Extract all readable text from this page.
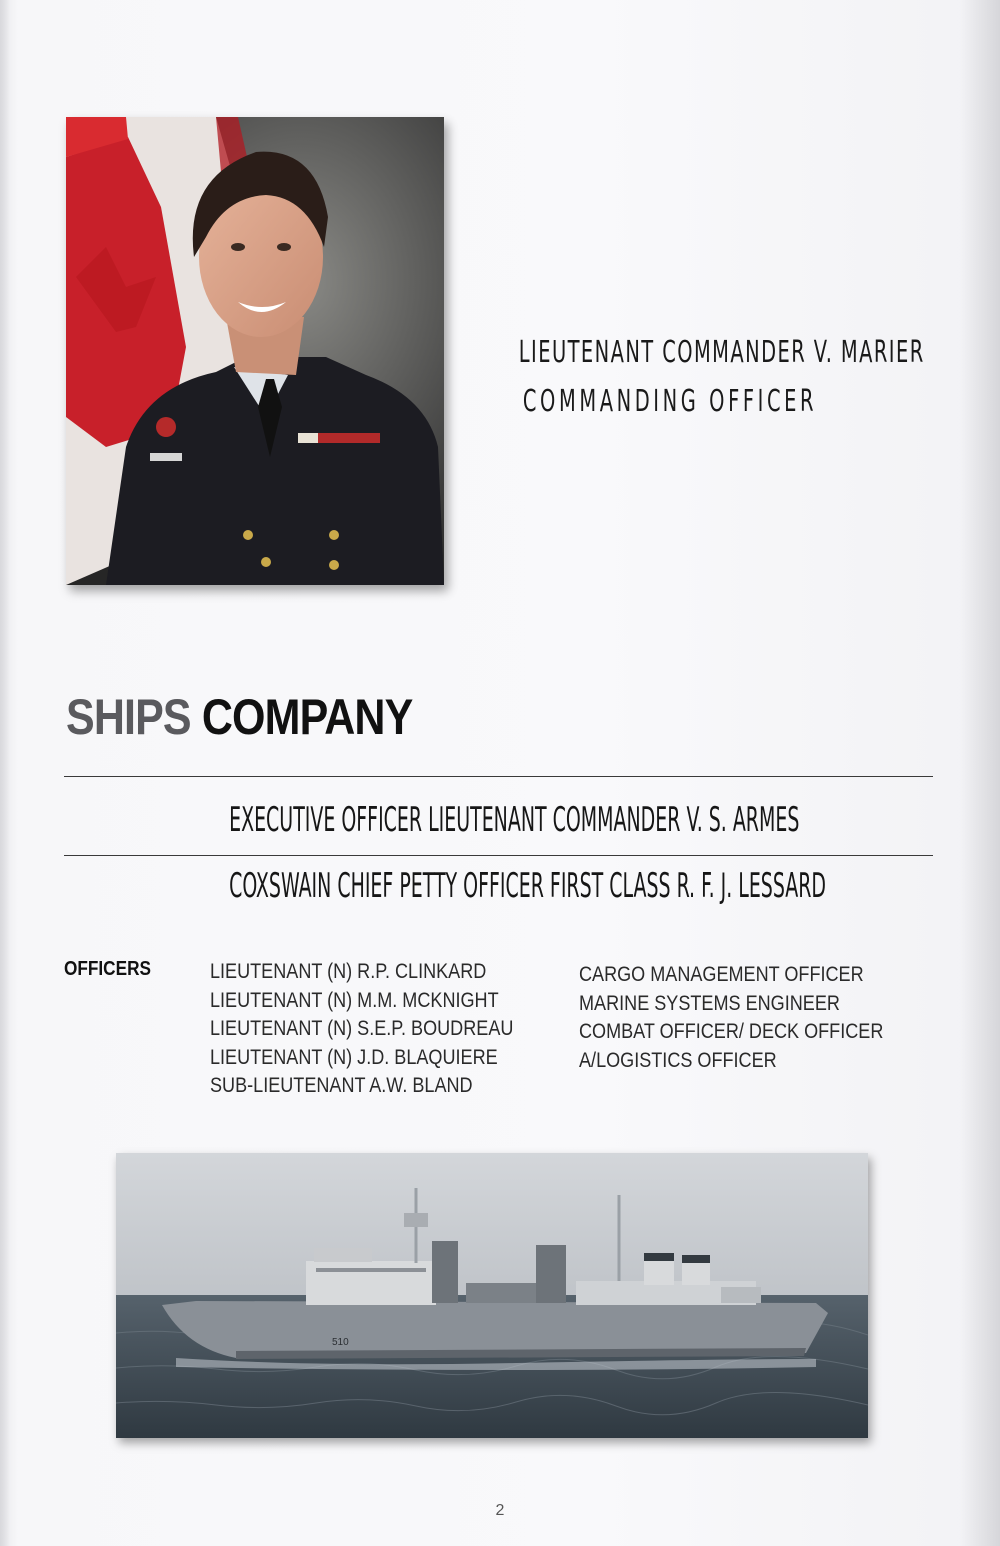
LIEUTENANT COMMANDER V. MARIER
COMMANDING OFFICER
SHIPS COMPANY
EXECUTIVE OFFICER LIEUTENANT COMMANDER V. S. ARMES
COXSWAIN CHIEF PETTY OFFICER FIRST CLASS R. F. J. LESSARD
OFFICERS	LIEUTENANT (N) R.P. CLINKARD
LIEUTENANT (N) M.M. MCKNIGHT
LIEUTENANT (N) S.E.P. BOUDREAU
LIEUTENANT (N) J.D. BLAQUIERE
SUB-LIEUTENANT A.W. BLAND
CARGO MANAGEMENT OFFICER
MARINE SYSTEMS ENGINEER
COMBAT OFFICER/ DECK OFFICER
A/LOGISTICS OFFICER
510
2
